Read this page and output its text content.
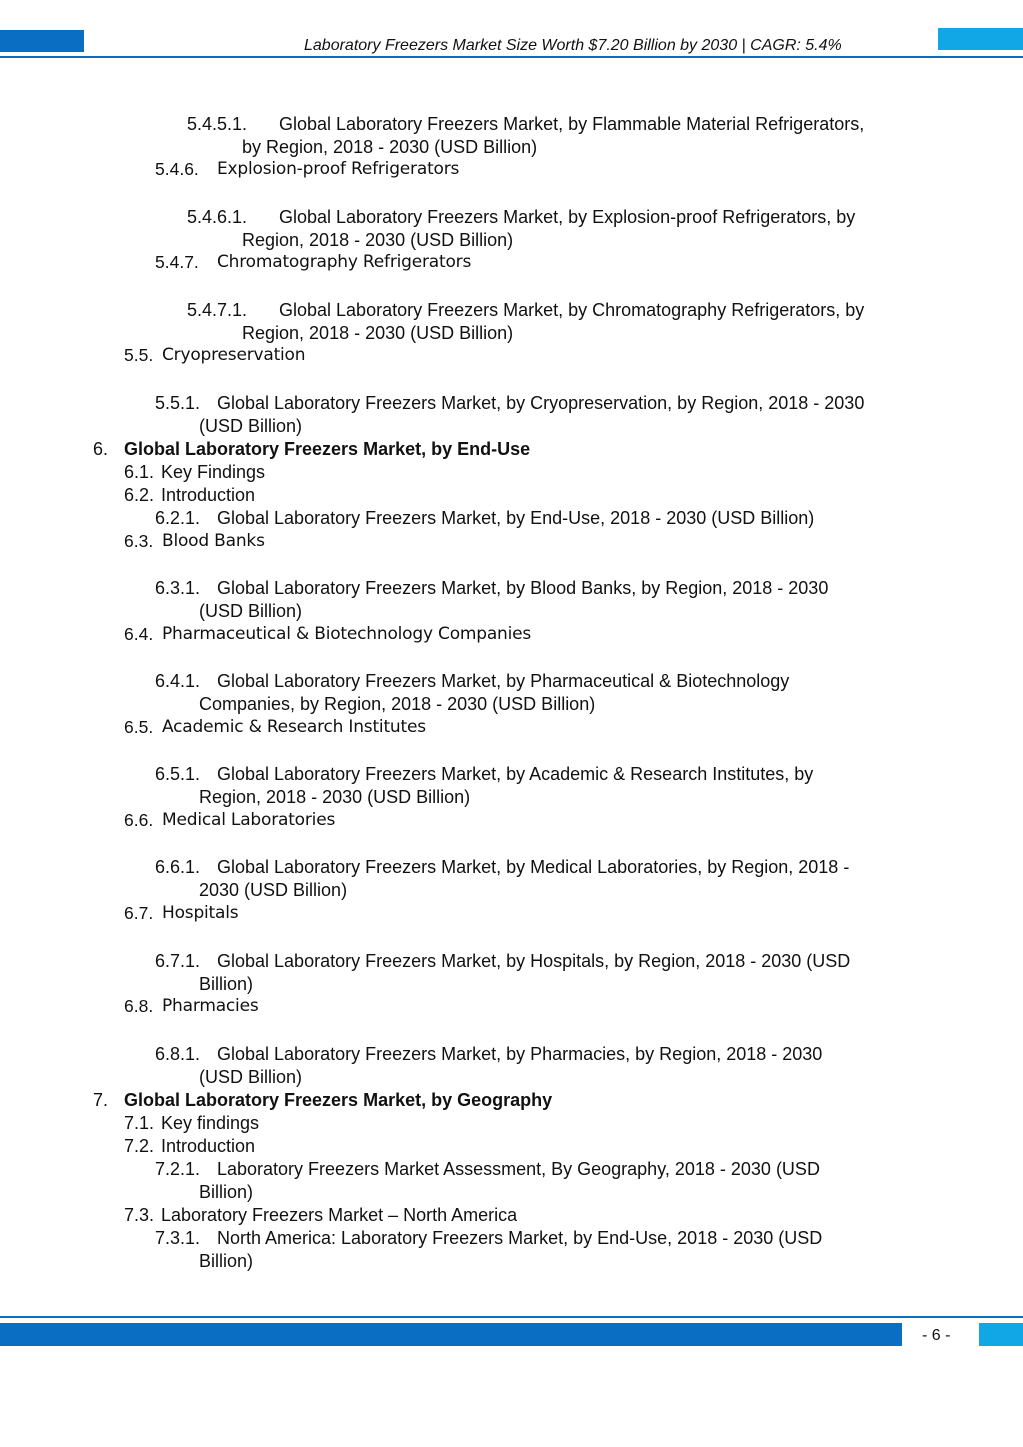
Laboratory Freezers Market Size Worth $7.20 Billion by 2030 | CAGR: 5.4%
5.4.5.1. Global Laboratory Freezers Market, by Flammable Material Refrigerators,
by Region, 2018 - 2030 (USD Billion)
5.4.6. Explosion-proof Refrigerators
5.4.6.1. Global Laboratory Freezers Market, by Explosion-proof Refrigerators, by
Region, 2018 - 2030 (USD Billion)
5.4.7. Chromatography Refrigerators
5.4.7.1. Global Laboratory Freezers Market, by Chromatography Refrigerators, by
Region, 2018 - 2030 (USD Billion)
5.5. Cryopreservation
5.5.1. Global Laboratory Freezers Market, by Cryopreservation, by Region, 2018 - 2030
(USD Billion)
6. Global Laboratory Freezers Market, by End-Use
6.1. Key Findings
6.2. Introduction
6.2.1. Global Laboratory Freezers Market, by End-Use, 2018 - 2030 (USD Billion)
6.3. Blood Banks
6.3.1. Global Laboratory Freezers Market, by Blood Banks, by Region, 2018 - 2030
(USD Billion)
6.4. Pharmaceutical & Biotechnology Companies
6.4.1. Global Laboratory Freezers Market, by Pharmaceutical & Biotechnology
Companies, by Region, 2018 - 2030 (USD Billion)
6.5. Academic & Research Institutes
6.5.1. Global Laboratory Freezers Market, by Academic & Research Institutes, by
Region, 2018 - 2030 (USD Billion)
6.6. Medical Laboratories
6.6.1. Global Laboratory Freezers Market, by Medical Laboratories, by Region, 2018 -
2030 (USD Billion)
6.7. Hospitals
6.7.1. Global Laboratory Freezers Market, by Hospitals, by Region, 2018 - 2030 (USD
Billion)
6.8. Pharmacies
6.8.1. Global Laboratory Freezers Market, by Pharmacies, by Region, 2018 - 2030
(USD Billion)
7. Global Laboratory Freezers Market, by Geography
7.1. Key findings
7.2. Introduction
7.2.1. Laboratory Freezers Market Assessment, By Geography, 2018 - 2030 (USD
Billion)
7.3. Laboratory Freezers Market – North America
7.3.1. North America: Laboratory Freezers Market, by End-Use, 2018 - 2030 (USD
Billion)
- 6 -
